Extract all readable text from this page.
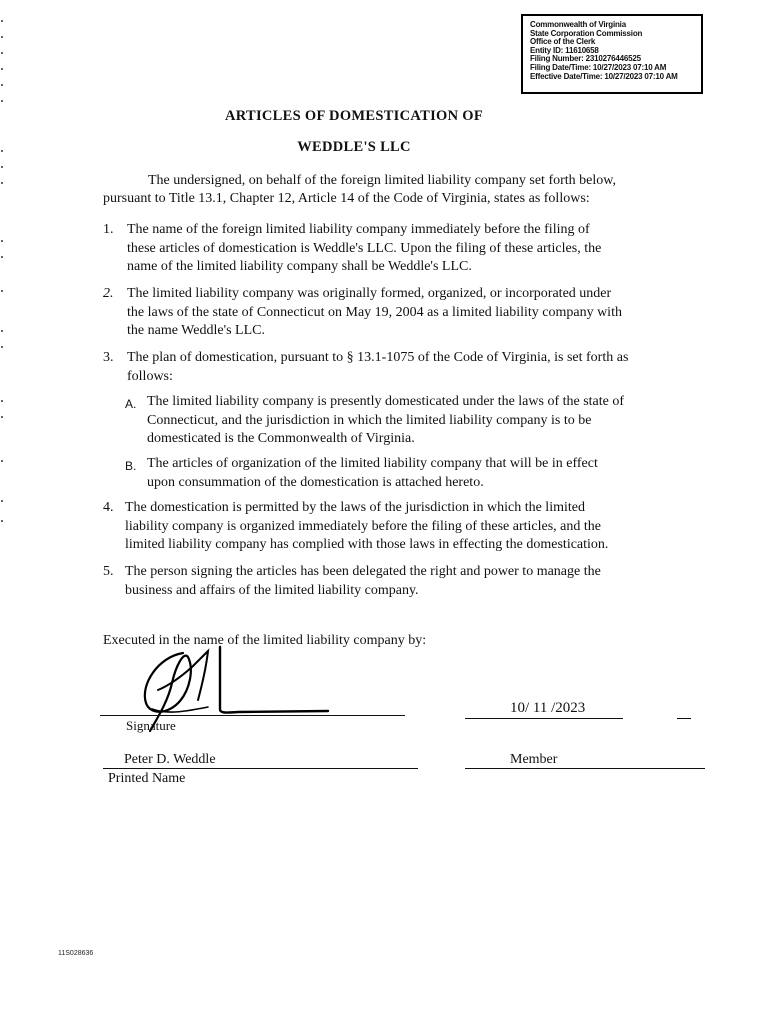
Commonwealth of Virginia
State Corporation Commission
Office of the Clerk
Entity ID: 11610658
Filing Number: 2310276446525
Filing Date/Time: 10/27/2023 07:10 AM
Effective Date/Time: 10/27/2023 07:10 AM
ARTICLES OF DOMESTICATION OF
WEDDLE'S LLC
The undersigned, on behalf of the foreign limited liability company set forth below,
pursuant to Title 13.1, Chapter 12, Article 14 of the Code of Virginia, states as follows:
1. The name of the foreign limited liability company immediately before the filing of
these articles of domestication is Weddle's LLC. Upon the filing of these articles, the
name of the limited liability company shall be Weddle's LLC.
2. The limited liability company was originally formed, organized, or incorporated under
the laws of the state of Connecticut on May 19, 2004 as a limited liability company with
the name Weddle's LLC.
3. The plan of domestication, pursuant to § 13.1-1075 of the Code of Virginia, is set forth as
follows:
A. The limited liability company is presently domesticated under the laws of the state of
Connecticut, and the jurisdiction in which the limited liability company is to be
domesticated is the Commonwealth of Virginia.
B. The articles of organization of the limited liability company that will be in effect
upon consummation of the domestication is attached hereto.
4. The domestication is permitted by the laws of the jurisdiction in which the limited
liability company is organized immediately before the filing of these articles, and the
limited liability company has complied with those laws in effecting the domestication.
5. The person signing the articles has been delegated the right and power to manage the
business and affairs of the limited liability company.
Executed in the name of the limited liability company by:
Signature
10/ 11 /2023
Peter D. Weddle
Printed Name
Member
11S028636
